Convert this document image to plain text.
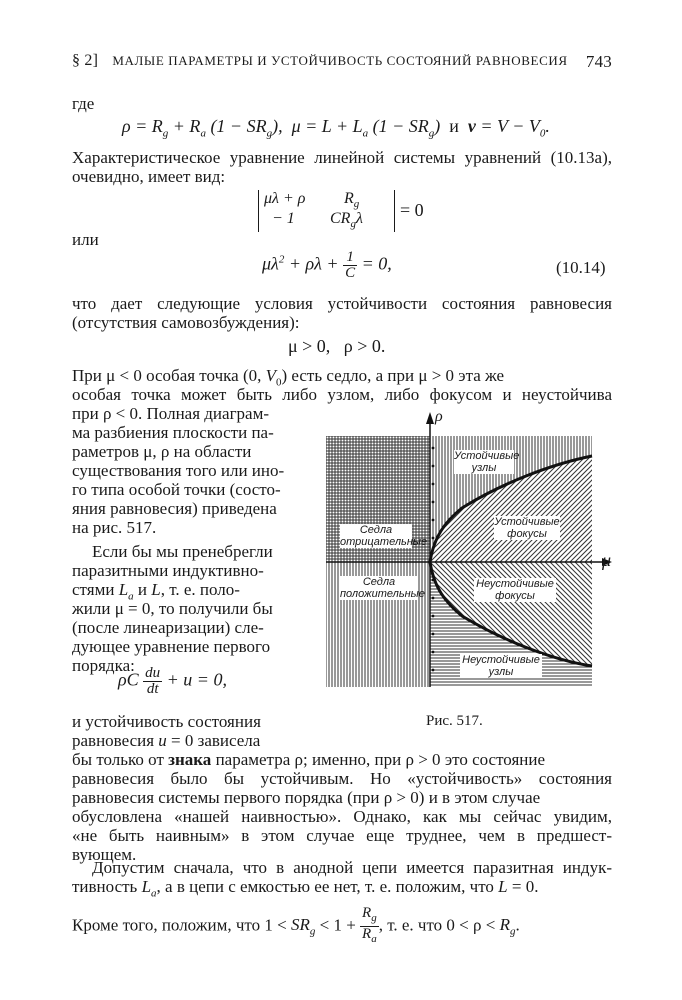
§ 2] МАЛЫЕ ПАРАМЕТРЫ И УСТОЙЧИВОСТЬ СОСТОЯНИЙ РАВНОВЕСИЯ 743
где
$\rho = R_g + R_a$ $(1 - SR_g)$,  $\mu = L + L_a$ $(1 - SR_g)$  и $v = V - V_0$.
Характеристическое уравнение линейной системы уравнений (10.13а),
очевидно, имеет вид:
μλ + ρ
− 1
$R_g$
$CR_g\lambda = 0$
или
$\mu\lambda^2 + \rho\lambda + \frac{1}{C} = 0$,	(10.14)
что дает следующие условия устойчивости состояния равновесия
(отсутствия самовозбуждения):
μ > 0,   ρ > 0.
При μ < 0 особая точка (0, $V_0$) есть седло, а при μ > 0 эта же
особая точка может быть либо узлом, либо фокусом и неустойчива
при ρ < 0. Полная диаграм-
ма разбиения плоскости па-
раметров μ, ρ на области
существования того или ино-
го типа особой точки (состо-
яния равновесия) приведена
на рис. 517.
Если бы мы пренебрегли
паразитными индуктивно-
стями $L_a$ и L, т. е. поло-
жили μ = 0, то получили бы
(после линеаризации) сле-
дующее уравнение первого
порядка:
ρC $\frac{du}{dt} + u = 0$,
и устойчивость состояния
равновесия u = 0 зависела
бы только от знака параметра ρ; именно, при ρ > 0 это состояние
равновесия было бы устойчивым. Но «устойчивость» состояния
равновесия системы первого порядка (при ρ > 0) и в этом случае
обусловлена «нашей наивностью». Однако, как мы сейчас увидим,
«не быть наивным» в этом случае еще труднее, чем в предшест-
вующем.
Допустим сначала, что в анодной цепи имеется паразитная индук-
тивность $L_a$, а в цепи с емкостью ее нет, т. е. положим, что L = 0.
Кроме того, положим, что $1 < SR_g < 1 + \frac{R_g}{R_a}$ , т. е. что $0 < \rho < R_g$.
ρ
μ
Устойчивые узлы
Устойчивые фокусы
Седла отрицательные
Седла положительные
Неустойчивые фокусы
Неустойчивые узлы
Рис. 517.
